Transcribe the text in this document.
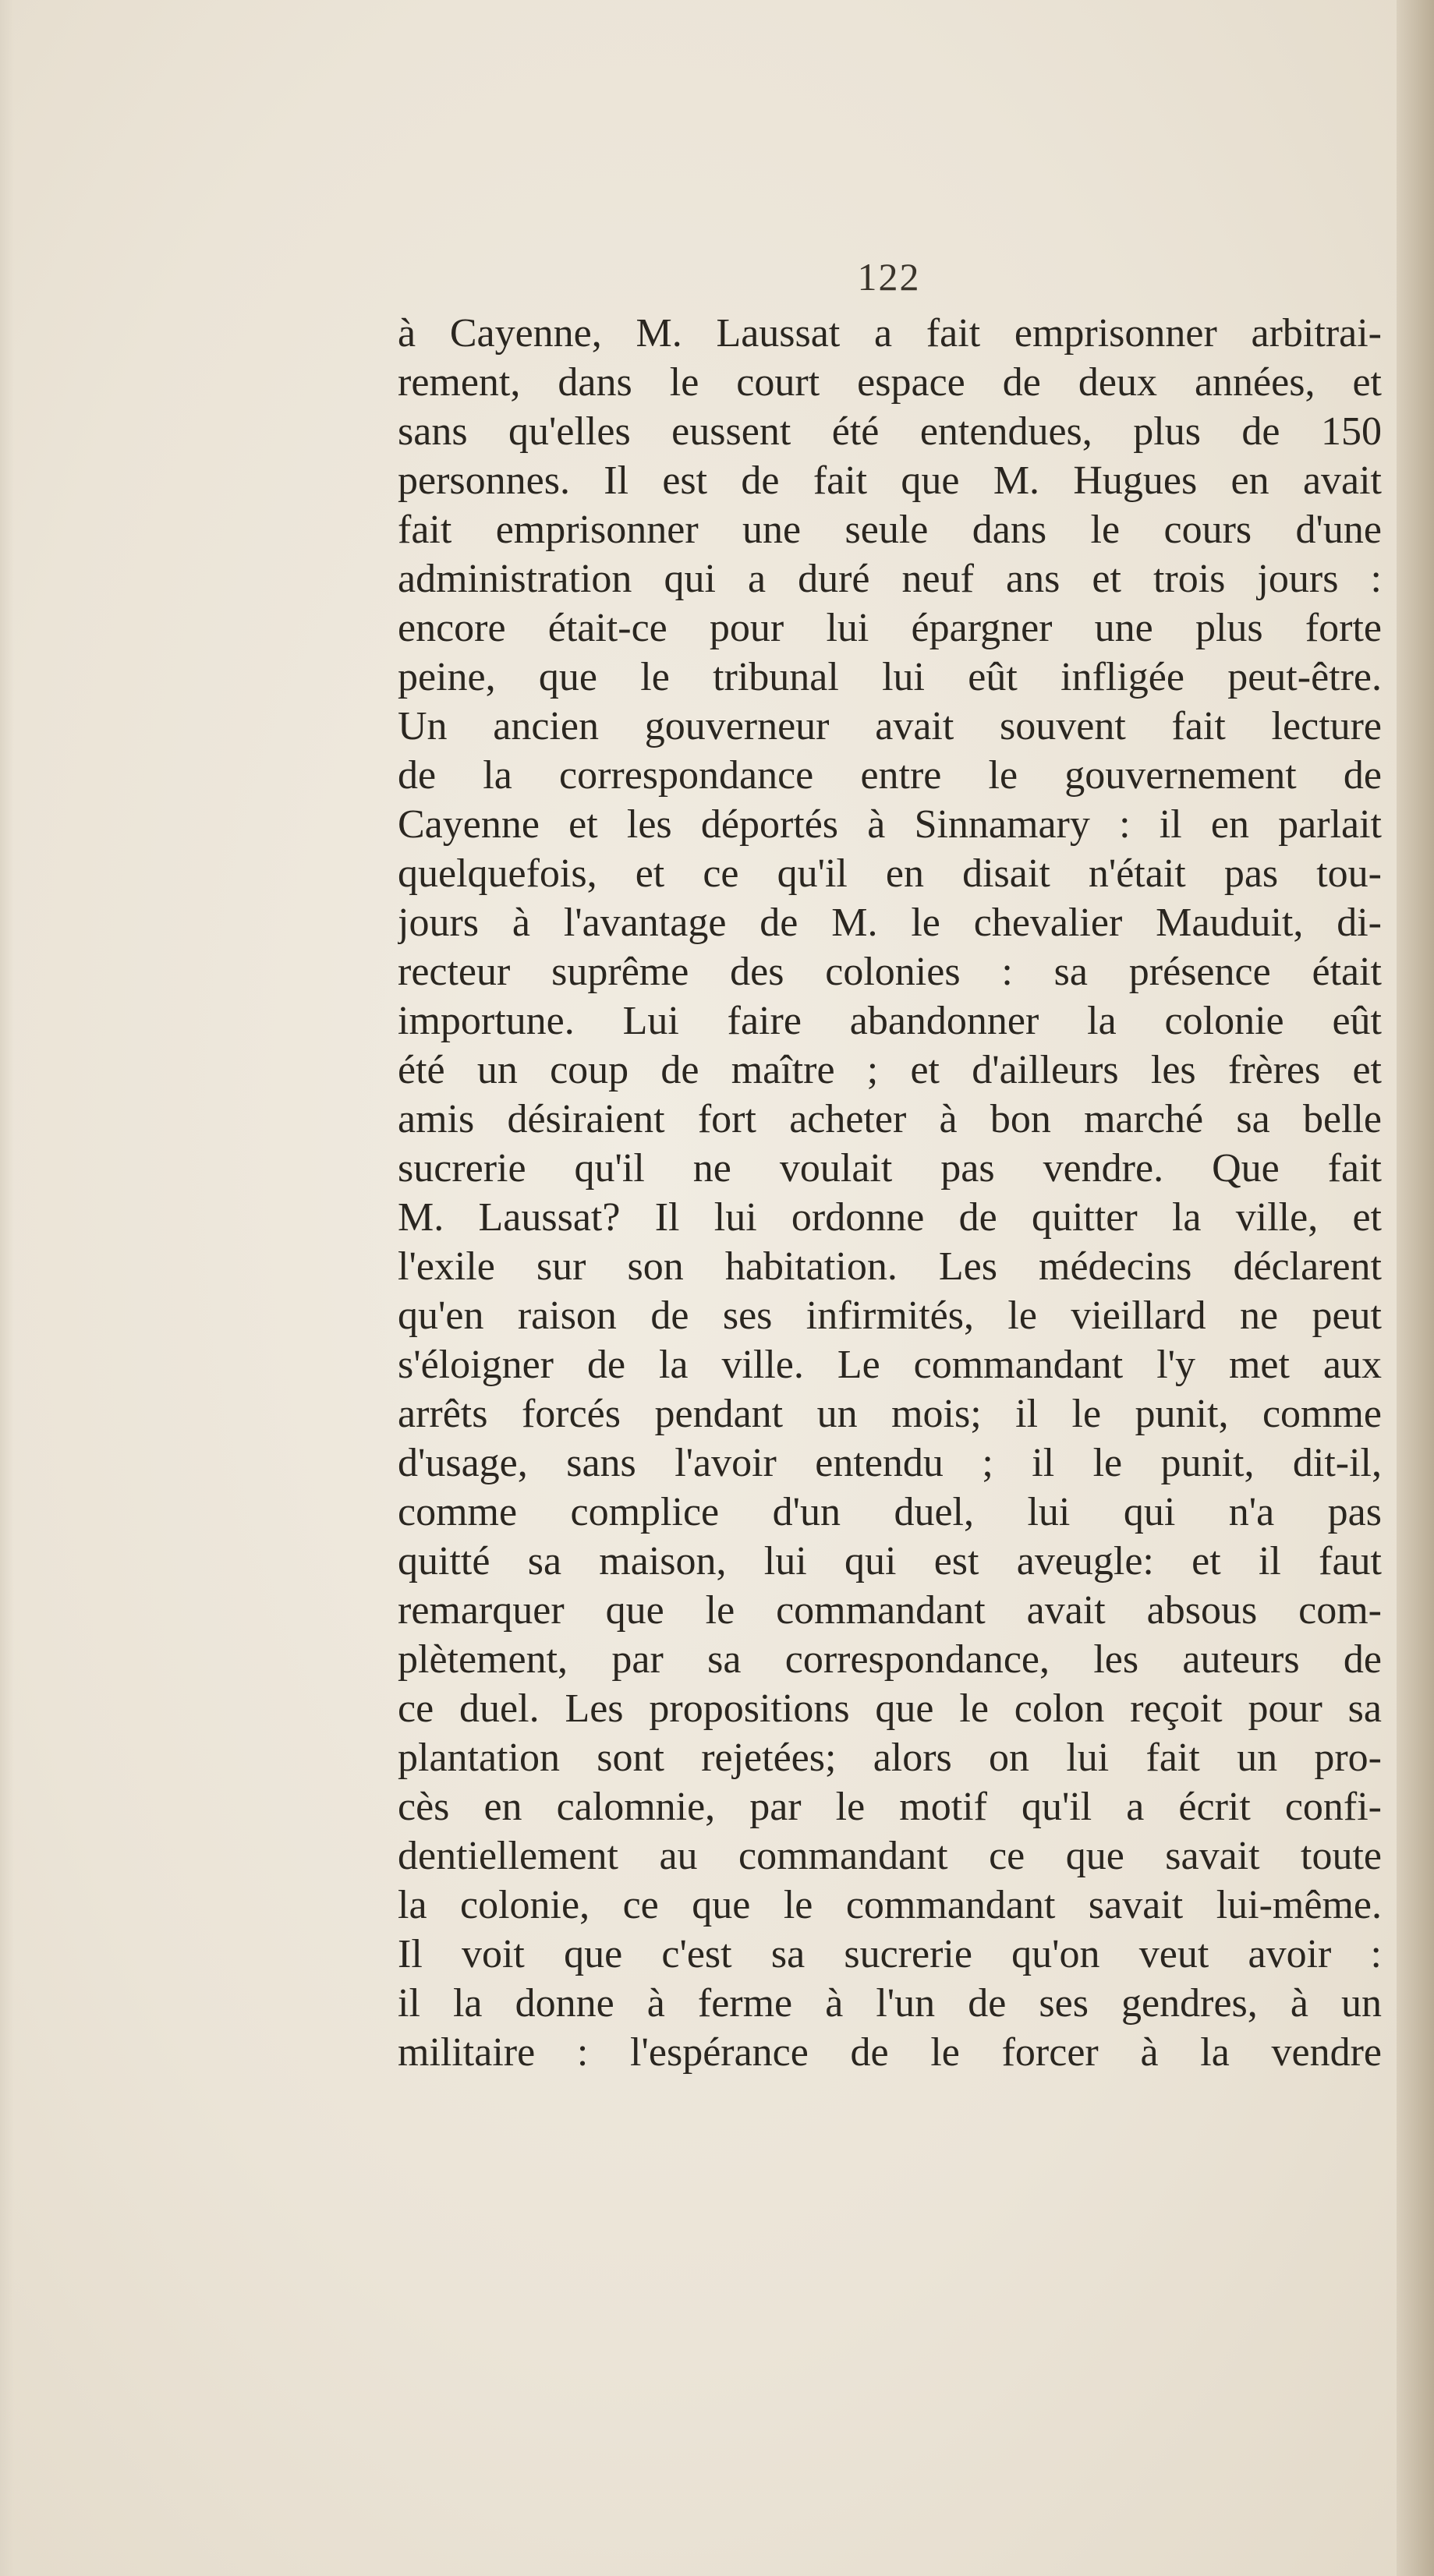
122
à Cayenne, M. Laussat a fait emprisonner arbitrai-
rement, dans le court espace de deux années, et
sans qu'elles eussent été entendues, plus de 150
personnes. Il est de fait que M. Hugues en avait
fait emprisonner une seule dans le cours d'une
administration qui a duré neuf ans et trois jours :
encore était-ce pour lui épargner une plus forte
peine, que le tribunal lui eût infligée peut-être.
Un ancien gouverneur avait souvent fait lecture
de la correspondance entre le gouvernement de
Cayenne et les déportés à Sinnamary : il en parlait
quelquefois, et ce qu'il en disait n'était pas tou-
jours à l'avantage de M. le chevalier Mauduit, di-
recteur suprême des colonies : sa présence était
importune. Lui faire abandonner la colonie eût
été un coup de maître ; et d'ailleurs les frères et
amis désiraient fort acheter à bon marché sa belle
sucrerie qu'il ne voulait pas vendre. Que fait
M. Laussat? Il lui ordonne de quitter la ville, et
l'exile sur son habitation. Les médecins déclarent
qu'en raison de ses infirmités, le vieillard ne peut
s'éloigner de la ville. Le commandant l'y met aux
arrêts forcés pendant un mois; il le punit, comme
d'usage, sans l'avoir entendu ; il le punit, dit-il,
comme complice d'un duel, lui qui n'a pas
quitté sa maison, lui qui est aveugle: et il faut
remarquer que le commandant avait absous com-
plètement, par sa correspondance, les auteurs de
ce duel. Les propositions que le colon reçoit pour sa
plantation sont rejetées; alors on lui fait un pro-
cès en calomnie, par le motif qu'il a écrit confi-
dentiellement au commandant ce que savait toute
la colonie, ce que le commandant savait lui-même.
Il voit que c'est sa sucrerie qu'on veut avoir :
il la donne à ferme à l'un de ses gendres, à un
militaire : l'espérance de le forcer à la vendre
